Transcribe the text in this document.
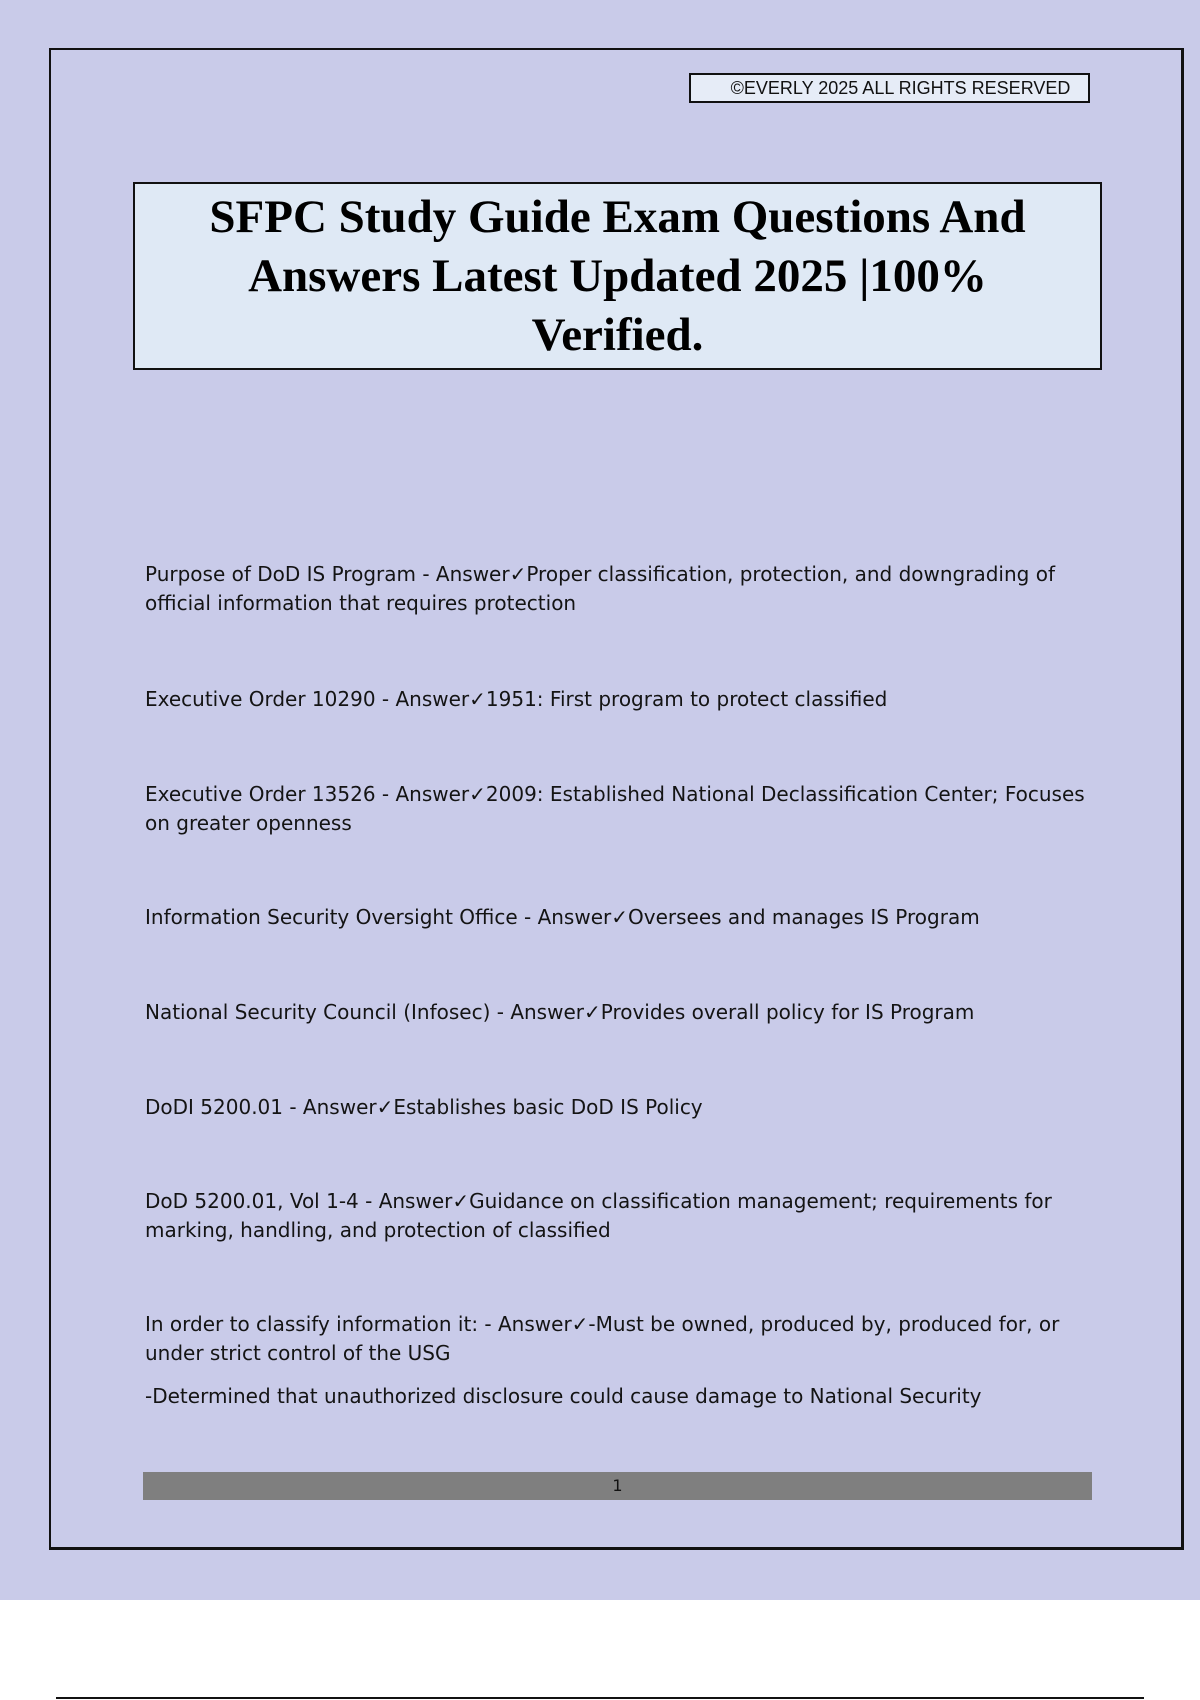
©EVERLY 2025 ALL RIGHTS RESERVED
SFPC Study Guide Exam Questions And Answers Latest Updated 2025 |100% Verified.

Purpose of DoD IS Program - Answer✓Proper classification, protection, and downgrading of official information that requires protection

Executive Order 10290 - Answer✓1951: First program to protect classified

Executive Order 13526 - Answer✓2009: Established National Declassification Center; Focuses on greater openness

Information Security Oversight Office - Answer✓Oversees and manages IS Program

National Security Council (Infosec) - Answer✓Provides overall policy for IS Program

DoDI 5200.01 - Answer✓Establishes basic DoD IS Policy

DoD 5200.01, Vol 1-4 - Answer✓Guidance on classification management; requirements for marking, handling, and protection of classified

In order to classify information it: - Answer✓-Must be owned, produced by, produced for, or under strict control of the USG
-Determined that unauthorized disclosure could cause damage to National Security
1
